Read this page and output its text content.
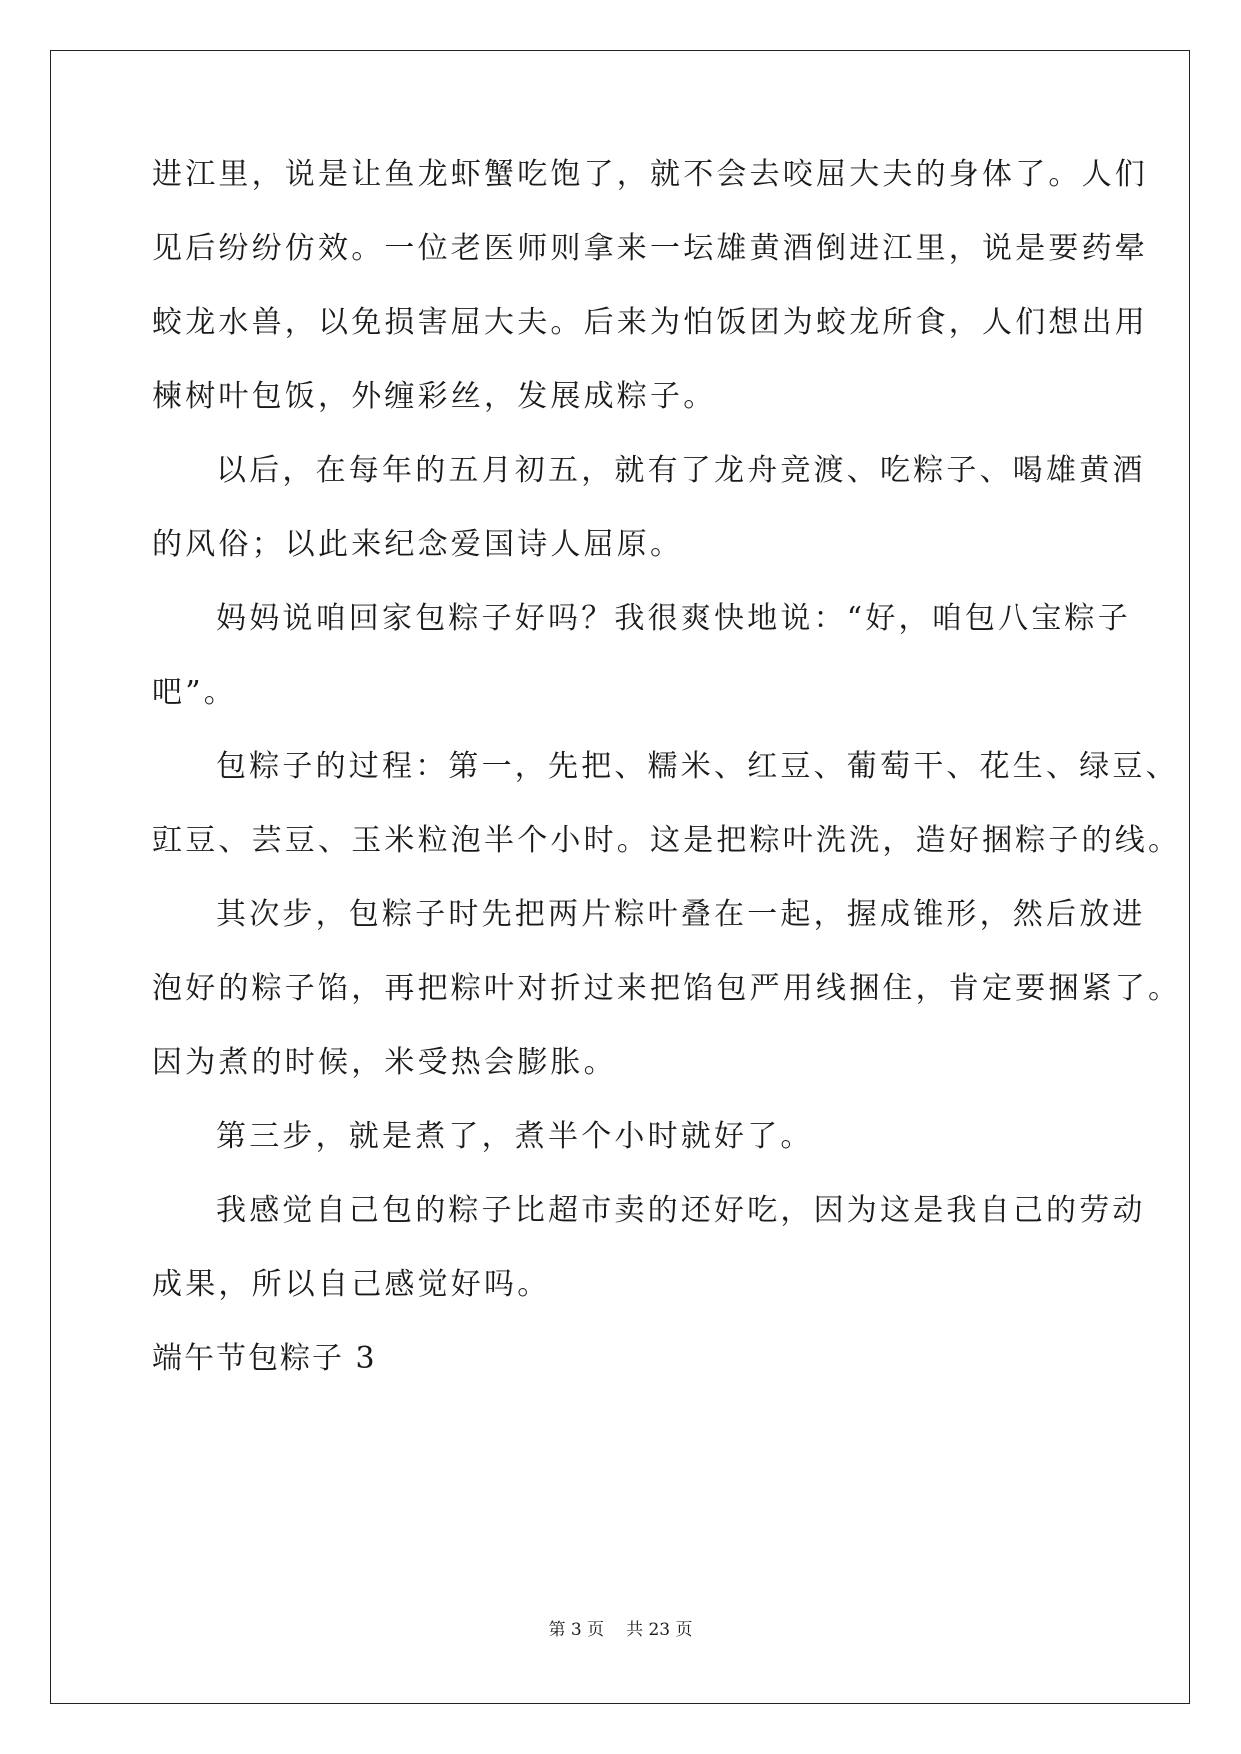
进江里，说是让鱼龙虾蟹吃饱了，就不会去咬屈大夫的身体了。人们
见后纷纷仿效。一位老医师则拿来一坛雄黄酒倒进江里，说是要药晕
蛟龙水兽，以免损害屈大夫。后来为怕饭团为蛟龙所食，人们想出用
楝树叶包饭，外缠彩丝，发展成粽子。
以后，在每年的五月初五，就有了龙舟竞渡、吃粽子、喝雄黄酒
的风俗；以此来纪念爱国诗人屈原。
妈妈说咱回家包粽子好吗？我很爽快地说：“好，咱包八宝粽子
吧”。
包粽子的过程：第一，先把、糯米、红豆、葡萄干、花生、绿豆、
豇豆、芸豆、玉米粒泡半个小时。这是把粽叶洗洗，造好捆粽子的线。
其次步，包粽子时先把两片粽叶叠在一起，握成锥形，然后放进
泡好的粽子馅，再把粽叶对折过来把馅包严用线捆住，肯定要捆紧了。
因为煮的时候，米受热会膨胀。
第三步，就是煮了，煮半个小时就好了。
我感觉自己包的粽子比超市卖的还好吃，因为这是我自己的劳动
成果，所以自己感觉好吗。
端午节包粽子 3
第 3 页 共 23 页
